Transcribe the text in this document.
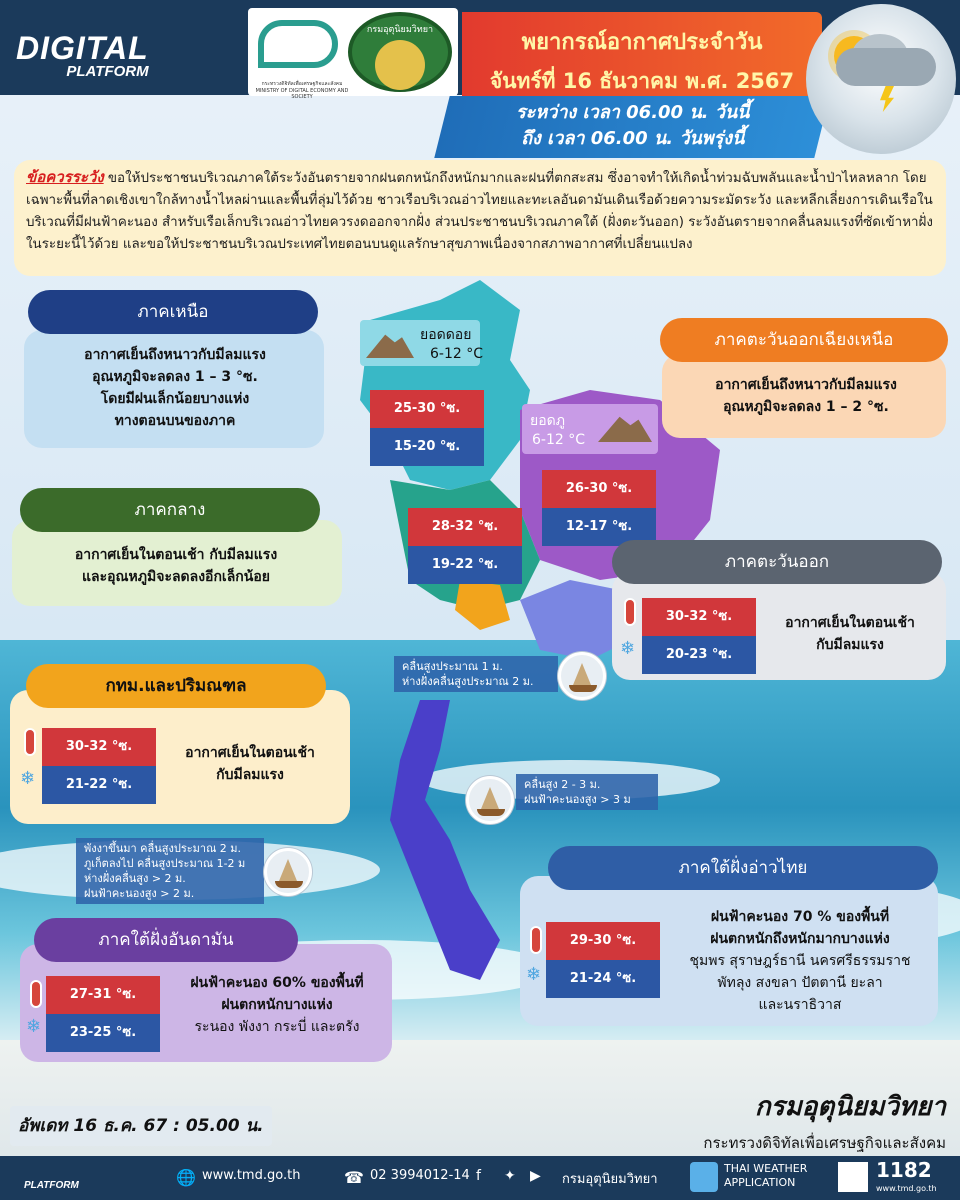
DIGITAL
PLATFORM
กระทรวงดิจิทัลเพื่อเศรษฐกิจและสังคม MINISTRY OF DIGITAL ECONOMY AND SOCIETY
กรมอุตุนิยมวิทยา	พยากรณ์อากาศประจำวัน
จันทร์ที่ 16 ธันวาคม พ.ศ. 2567
ระหว่าง เวลา 06.00 น. วันนี้
ถึง เวลา 06.00 น. วันพรุ่งนี้
ข้อควรระวัง ขอให้ประชาชนบริเวณภาคใต้ระวังอันตรายจากฝนตกหนักถึงหนักมากและฝนที่ตกสะสม ซึ่งอาจทำให้เกิดน้ำท่วมฉับพลันและน้ำป่าไหลหลาก โดยเฉพาะพื้นที่ลาดเชิงเขาใกล้ทางน้ำไหลผ่านและพื้นที่ลุ่มไว้ด้วย ชาวเรือบริเวณอ่าวไทยและทะเลอันดามันเดินเรือด้วยความระมัดระวัง และหลีกเลี่ยงการเดินเรือในบริเวณที่มีฝนฟ้าคะนอง สำหรับเรือเล็กบริเวณอ่าวไทยควรงดออกจากฝั่ง ส่วนประชาชนบริเวณภาคใต้ (ฝั่งตะวันออก) ระวังอันตรายจากคลื่นลมแรงที่ซัดเข้าหาฝั่งในระยะนี้ไว้ด้วย และขอให้ประชาชนบริเวณประเทศไทยตอนบนดูแลรักษาสุขภาพเนื่องจากสภาพอากาศที่เปลี่ยนแปลง
ยอดดอย
6-12 °C
ยอดภู
6-12 °C
25-30 °ซ.
15-20 °ซ.
26-30 °ซ.
12-17 °ซ.
28-32 °ซ.
19-22 °ซ.
ภาคเหนือ
อากาศเย็นถึงหนาวกับมีลมแรง
อุณหภูมิจะลดลง 1 – 3 °ซ.
โดยมีฝนเล็กน้อยบางแห่ง
ทางตอนบนของภาค
ภาคตะวันออกเฉียงเหนือ
อากาศเย็นถึงหนาวกับมีลมแรง
อุณหภูมิจะลดลง 1 – 2 °ซ.
ภาคกลาง
อากาศเย็นในตอนเช้า กับมีลมแรง
และอุณหภูมิจะลดลงอีกเล็กน้อย
ภาคตะวันออก
❄
30-32 °ซ.
20-23 °ซ.
อากาศเย็นในตอนเช้า
กับมีลมแรง
กทม.และปริมณฑล
❄
30-32 °ซ.
21-22 °ซ.
อากาศเย็นในตอนเช้า
กับมีลมแรง
คลื่นสูงประมาณ 1 ม.
ห่างฝั่งคลื่นสูงประมาณ 2 ม.
คลื่นสูง 2 - 3 ม.
ฝนฟ้าคะนองสูง > 3 ม
พังงาขึ้นมา คลื่นสูงประมาณ 2 ม.
ภูเก็ตลงไป คลื่นสูงประมาณ 1-2 ม
ห่างฝั่งคลื่นสูง > 2 ม.
ฝนฟ้าคะนองสูง > 2 ม.
ภาคใต้ฝั่งอ่าวไทย
❄
29-30 °ซ.
21-24 °ซ.
ฝนฟ้าคะนอง 70 % ของพื้นที่
ฝนตกหนักถึงหนักมากบางแห่ง
ชุมพร สุราษฎร์ธานี นครศรีธรรมราช
พัทลุง สงขลา ปัตตานี ยะลา
และนราธิวาส
ภาคใต้ฝั่งอันดามัน
❄
27-31 °ซ.
23-25 °ซ.
ฝนฟ้าคะนอง 60% ของพื้นที่
ฝนตกหนักบางแห่ง
ระนอง พังงา กระบี่ และตรัง
อัพเดท 16 ธ.ค. 67 : 05.00 น.
กรมอุตุนิยมวิทยา
กระทรวงดิจิทัลเพื่อเศรษฐกิจและสังคม
PLATFORM	🌐 www.tmd.go.th	☎ 02 3994012-14 f ✦ ▶ กรมอุตุนิยมวิทยา
THAI WEATHER
APPLICATION
1182
www.tmd.go.th
